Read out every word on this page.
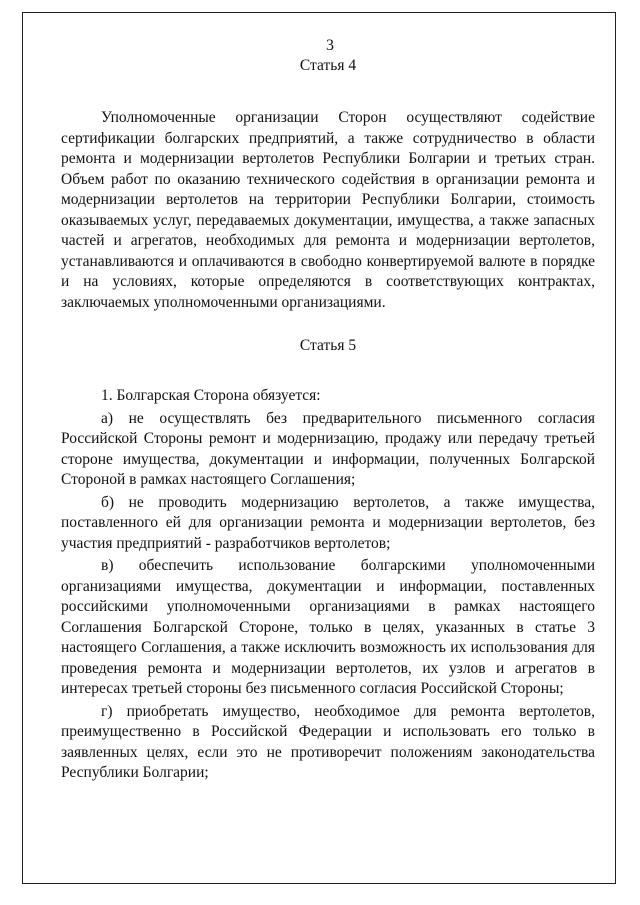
3
Статья 4

Уполномоченные организации Сторон осуществляют содействие сертификации болгарских предприятий, а также сотрудничество в области ремонта и модернизации вертолетов Республики Болгарии и третьих стран. Объем работ по оказанию технического содействия в организации ремонта и модернизации вертолетов на территории Республики Болгарии, стоимость оказываемых услуг, передаваемых документации, имущества, а также запасных частей и агрегатов, необходимых для ремонта и модернизации вертолетов, устанавливаются и оплачиваются в свободно конвертируемой валюте в порядке и на условиях, которые определяются в соответствующих контрактах, заключаемых уполномоченными организациями.

Статья 5

1. Болгарская Сторона обязуется:

а) не осуществлять без предварительного письменного согласия Российской Стороны ремонт и модернизацию, продажу или передачу третьей стороне имущества, документации и информации, полученных Болгарской Стороной в рамках настоящего Соглашения;

б) не проводить модернизацию вертолетов, а также имущества, поставленного ей для организации ремонта и модернизации вертолетов, без участия предприятий - разработчиков вертолетов;

в) обеспечить использование болгарскими уполномоченными организациями имущества, документации и информации, поставленных российскими уполномоченными организациями в рамках настоящего Соглашения Болгарской Стороне, только в целях, указанных в статье 3 настоящего Соглашения, а также исключить возможность их использования для проведения ремонта и модернизации вертолетов, их узлов и агрегатов в интересах третьей стороны без письменного согласия Российской Стороны;

г) приобретать имущество, необходимое для ремонта вертолетов, преимущественно в Российской Федерации и использовать его только в заявленных целях, если это не противоречит положениям законодательства Республики Болгарии;
